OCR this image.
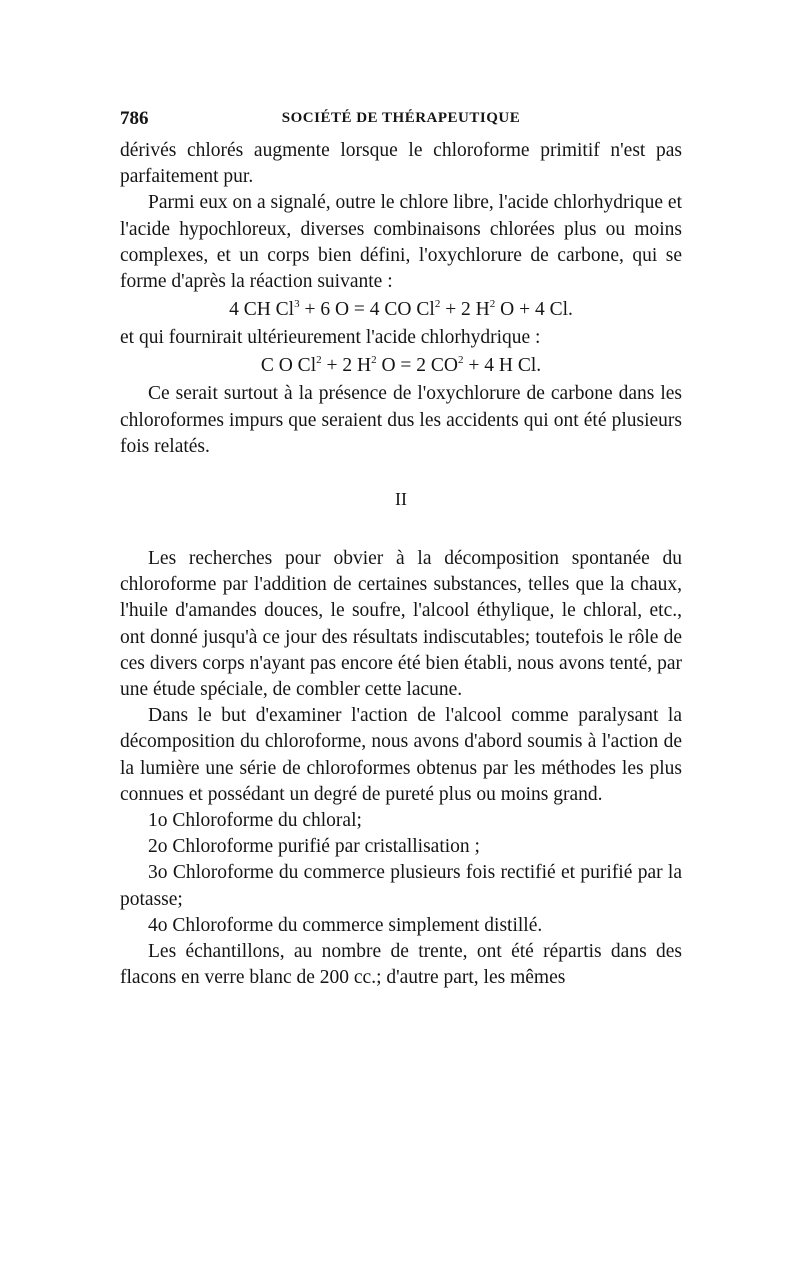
786	SOCIÉTÉ DE THÉRAPEUTIQUE

dérivés chlorés augmente lorsque le chloroforme primitif n'est pas parfaitement pur.

Parmi eux on a signalé, outre le chlore libre, l'acide chlorhydrique et l'acide hypochloreux, diverses combinaisons chlorées plus ou moins complexes, et un corps bien défini, l'oxychlorure de carbone, qui se forme d'après la réaction suivante :

4 CH $Cl^3 + 6$ O = 4 CO $Cl^2 + 2$ $H^2$ O + 4 Cl.

et qui fournirait ultérieurement l'acide chlorhydrique :

C O $Cl^2 + 2$ $H^2$ O = 2 $CO^2 + 4$ H Cl.

Ce serait surtout à la présence de l'oxychlorure de carbone dans les chloroformes impurs que seraient dus les accidents qui ont été plusieurs fois relatés.

II

Les recherches pour obvier à la décomposition spontanée du chloroforme par l'addition de certaines substances, telles que la chaux, l'huile d'amandes douces, le soufre, l'alcool éthylique, le chloral, etc., ont donné jusqu'à ce jour des résultats indiscutables; toutefois le rôle de ces divers corps n'ayant pas encore été bien établi, nous avons tenté, par une étude spéciale, de combler cette lacune.

Dans le but d'examiner l'action de l'alcool comme paralysant la décomposition du chloroforme, nous avons d'abord soumis à l'action de la lumière une série de chloroformes obtenus par les méthodes les plus connues et possédant un degré de pureté plus ou moins grand.

1o Chloroforme du chloral;

2o Chloroforme purifié par cristallisation ;

3o Chloroforme du commerce plusieurs fois rectifié et purifié par la potasse;

4o Chloroforme du commerce simplement distillé.

Les échantillons, au nombre de trente, ont été répartis dans des flacons en verre blanc de 200 cc.; d'autre part, les mêmes
